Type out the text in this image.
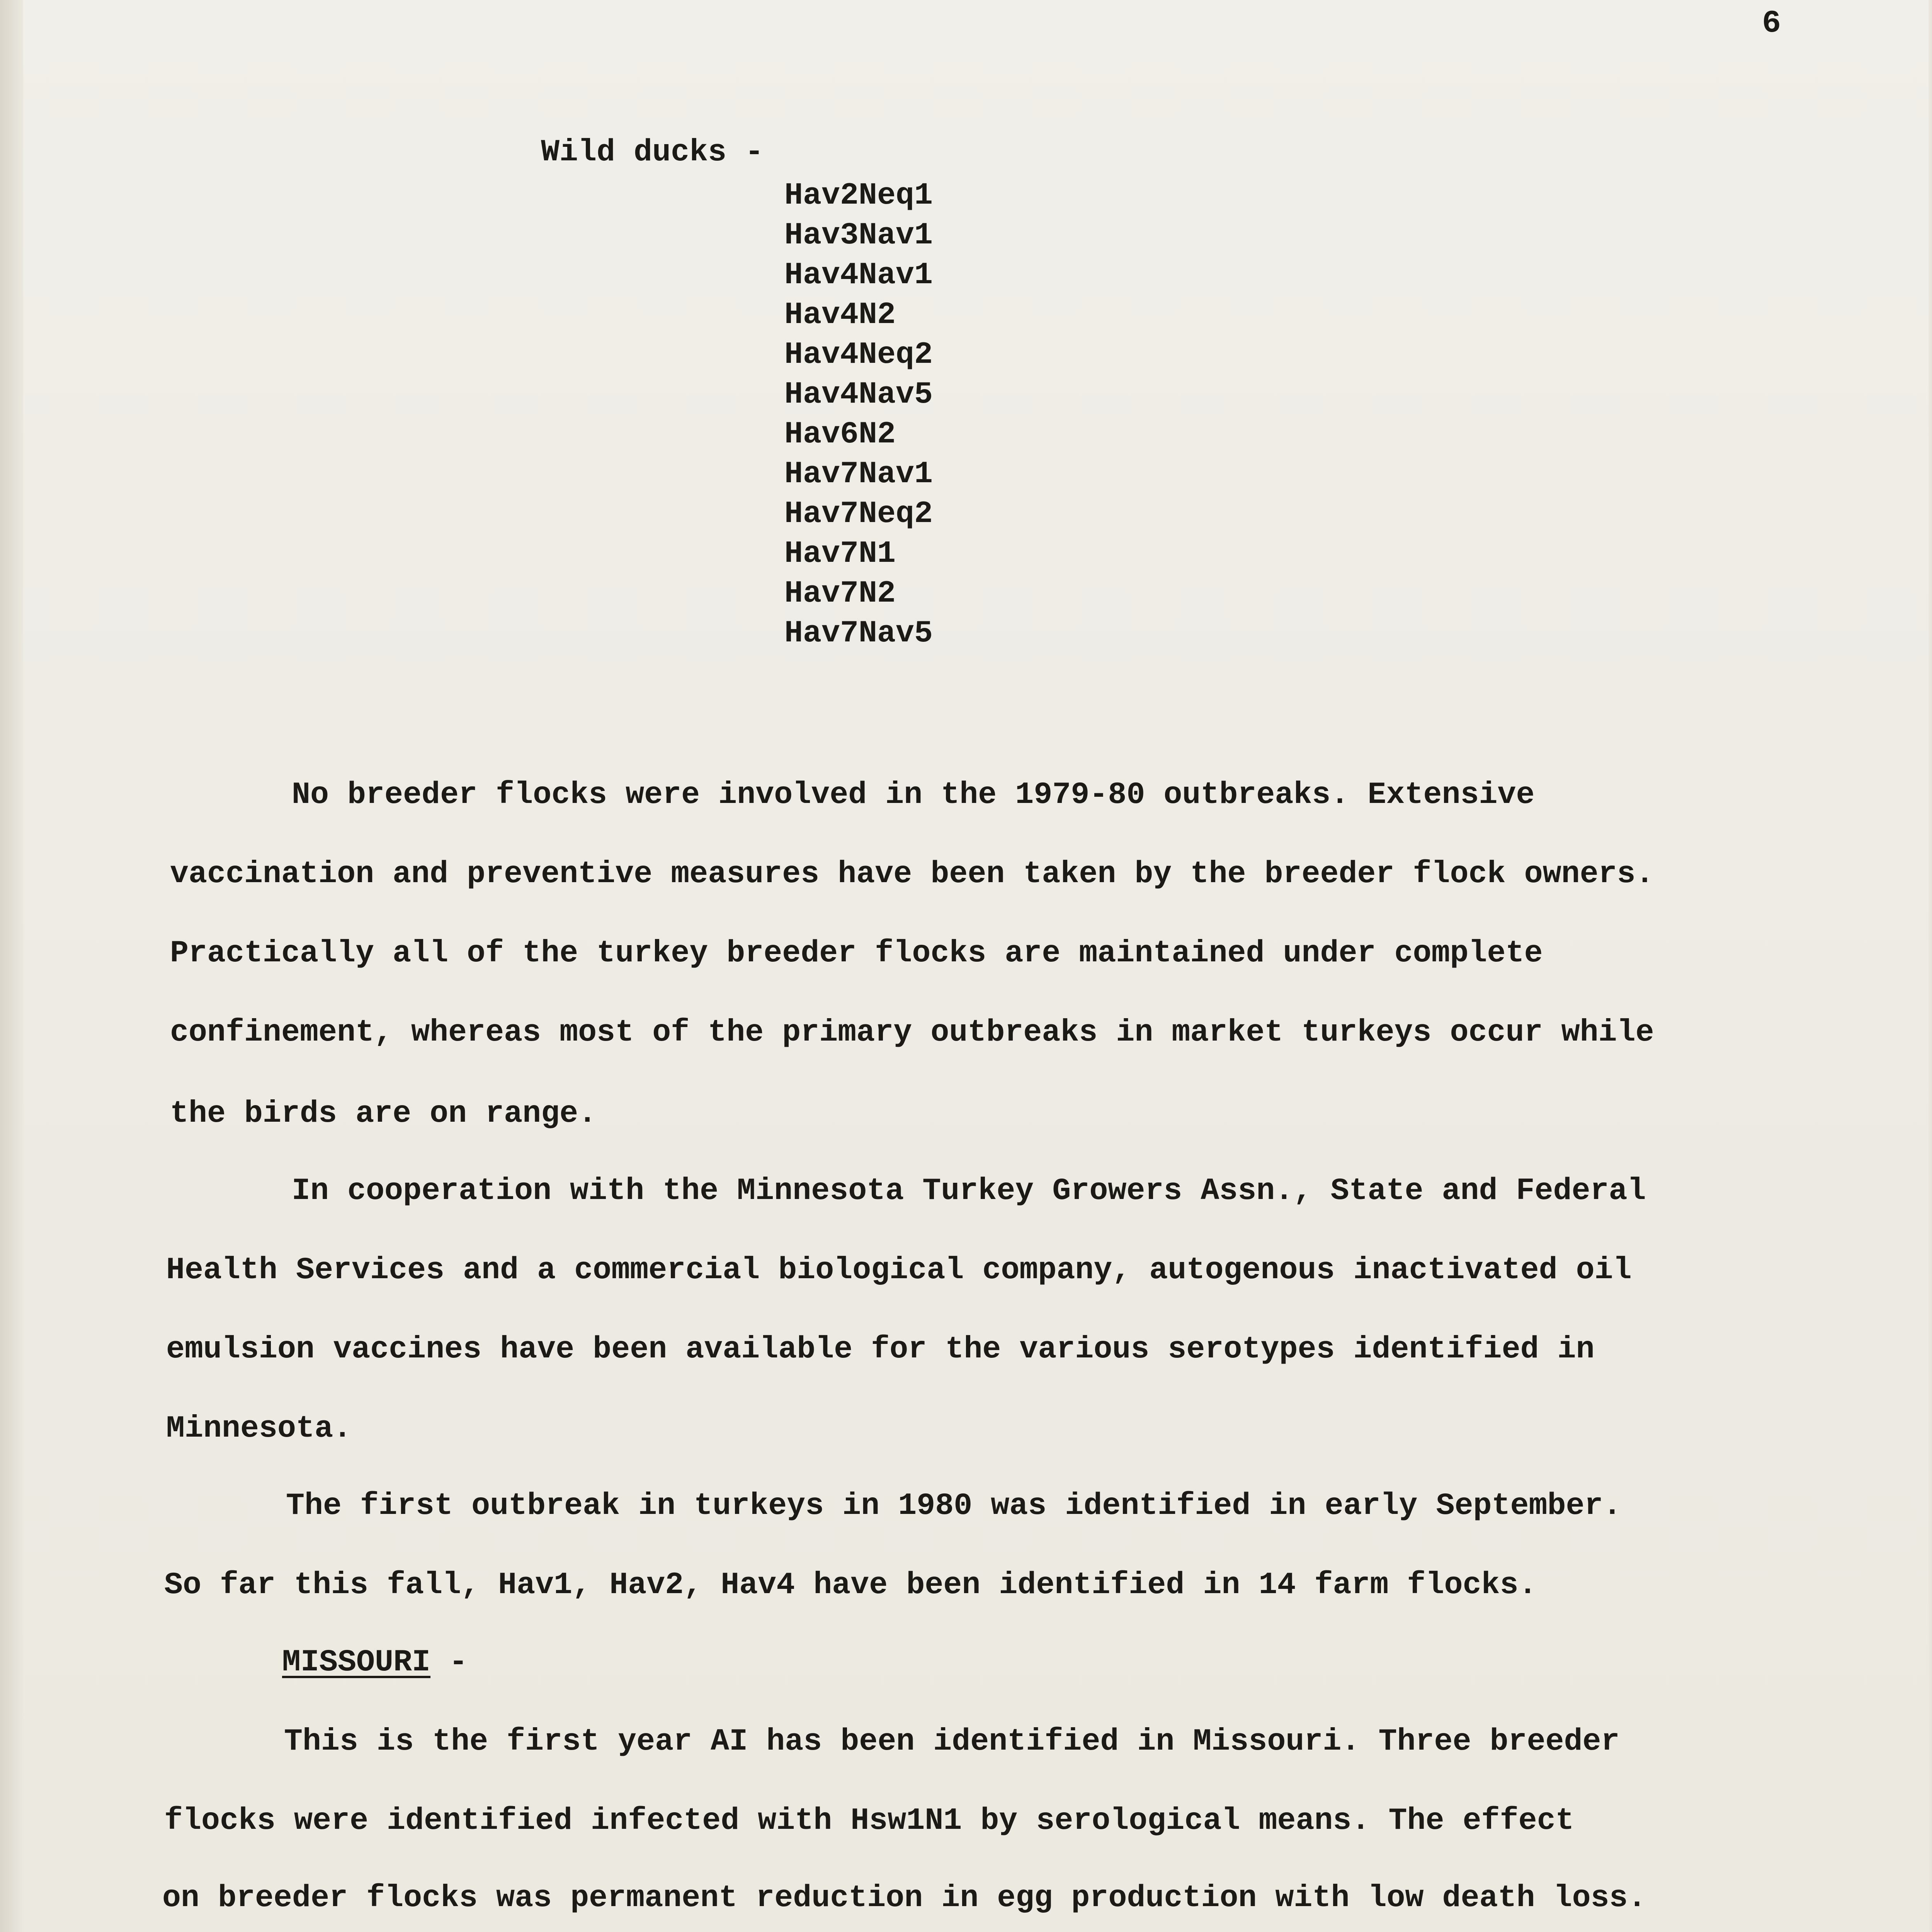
6
Wild ducks -
Hav2Neq1
Hav3Nav1
Hav4Nav1
Hav4N2
Hav4Neq2
Hav4Nav5
Hav6N2
Hav7Nav1
Hav7Neq2
Hav7N1
Hav7N2
Hav7Nav5
No breeder flocks were involved in the 1979-80 outbreaks. Extensive
vaccination and preventive measures have been taken by the breeder flock owners.
Practically all of the turkey breeder flocks are maintained under complete
confinement, whereas most of the primary outbreaks in market turkeys occur while
the birds are on range.
In cooperation with the Minnesota Turkey Growers Assn., State and Federal
Health Services and a commercial biological company, autogenous inactivated oil
emulsion vaccines have been available for the various serotypes identified in
Minnesota.
The first outbreak in turkeys in 1980 was identified in early September.
So far this fall, Hav1, Hav2, Hav4 have been identified in 14 farm flocks.
MISSOURI -
This is the first year AI has been identified in Missouri. Three breeder
flocks were identified infected with Hsw1N1 by serological means. The effect
on breeder flocks was permanent reduction in egg production with low death loss.
